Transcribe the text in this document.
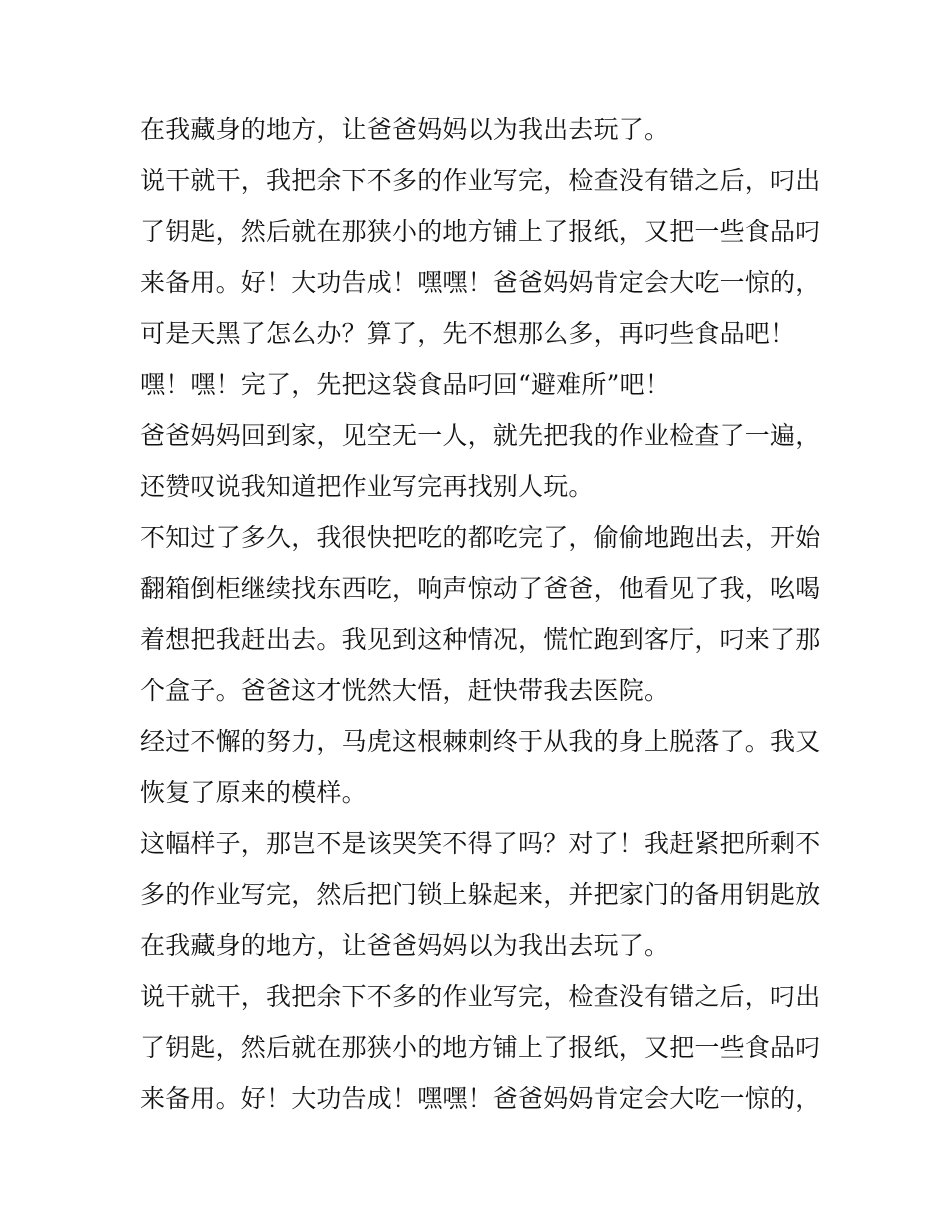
在我藏身的地方，让爸爸妈妈以为我出去玩了。
说干就干，我把余下不多的作业写完，检查没有错之后，叼出
了钥匙，然后就在那狭小的地方铺上了报纸，又把一些食品叼
来备用。好！大功告成！嘿嘿！爸爸妈妈肯定会大吃一惊的，
可是天黑了怎么办？算了，先不想那么多，再叼些食品吧！
嘿！嘿！完了，先把这袋食品叼回“避难所”吧！
爸爸妈妈回到家，见空无一人，就先把我的作业检查了一遍，
还赞叹说我知道把作业写完再找别人玩。
不知过了多久，我很快把吃的都吃完了，偷偷地跑出去，开始
翻箱倒柜继续找东西吃，响声惊动了爸爸，他看见了我，吆喝
着想把我赶出去。我见到这种情况，慌忙跑到客厅，叼来了那
个盒子。爸爸这才恍然大悟，赶快带我去医院。
经过不懈的努力，马虎这根棘刺终于从我的身上脱落了。我又
恢复了原来的模样。
这幅样子，那岂不是该哭笑不得了吗？对了！我赶紧把所剩不
多的作业写完，然后把门锁上躲起来，并把家门的备用钥匙放
在我藏身的地方，让爸爸妈妈以为我出去玩了。
说干就干，我把余下不多的作业写完，检查没有错之后，叼出
了钥匙，然后就在那狭小的地方铺上了报纸，又把一些食品叼
来备用。好！大功告成！嘿嘿！爸爸妈妈肯定会大吃一惊的，
